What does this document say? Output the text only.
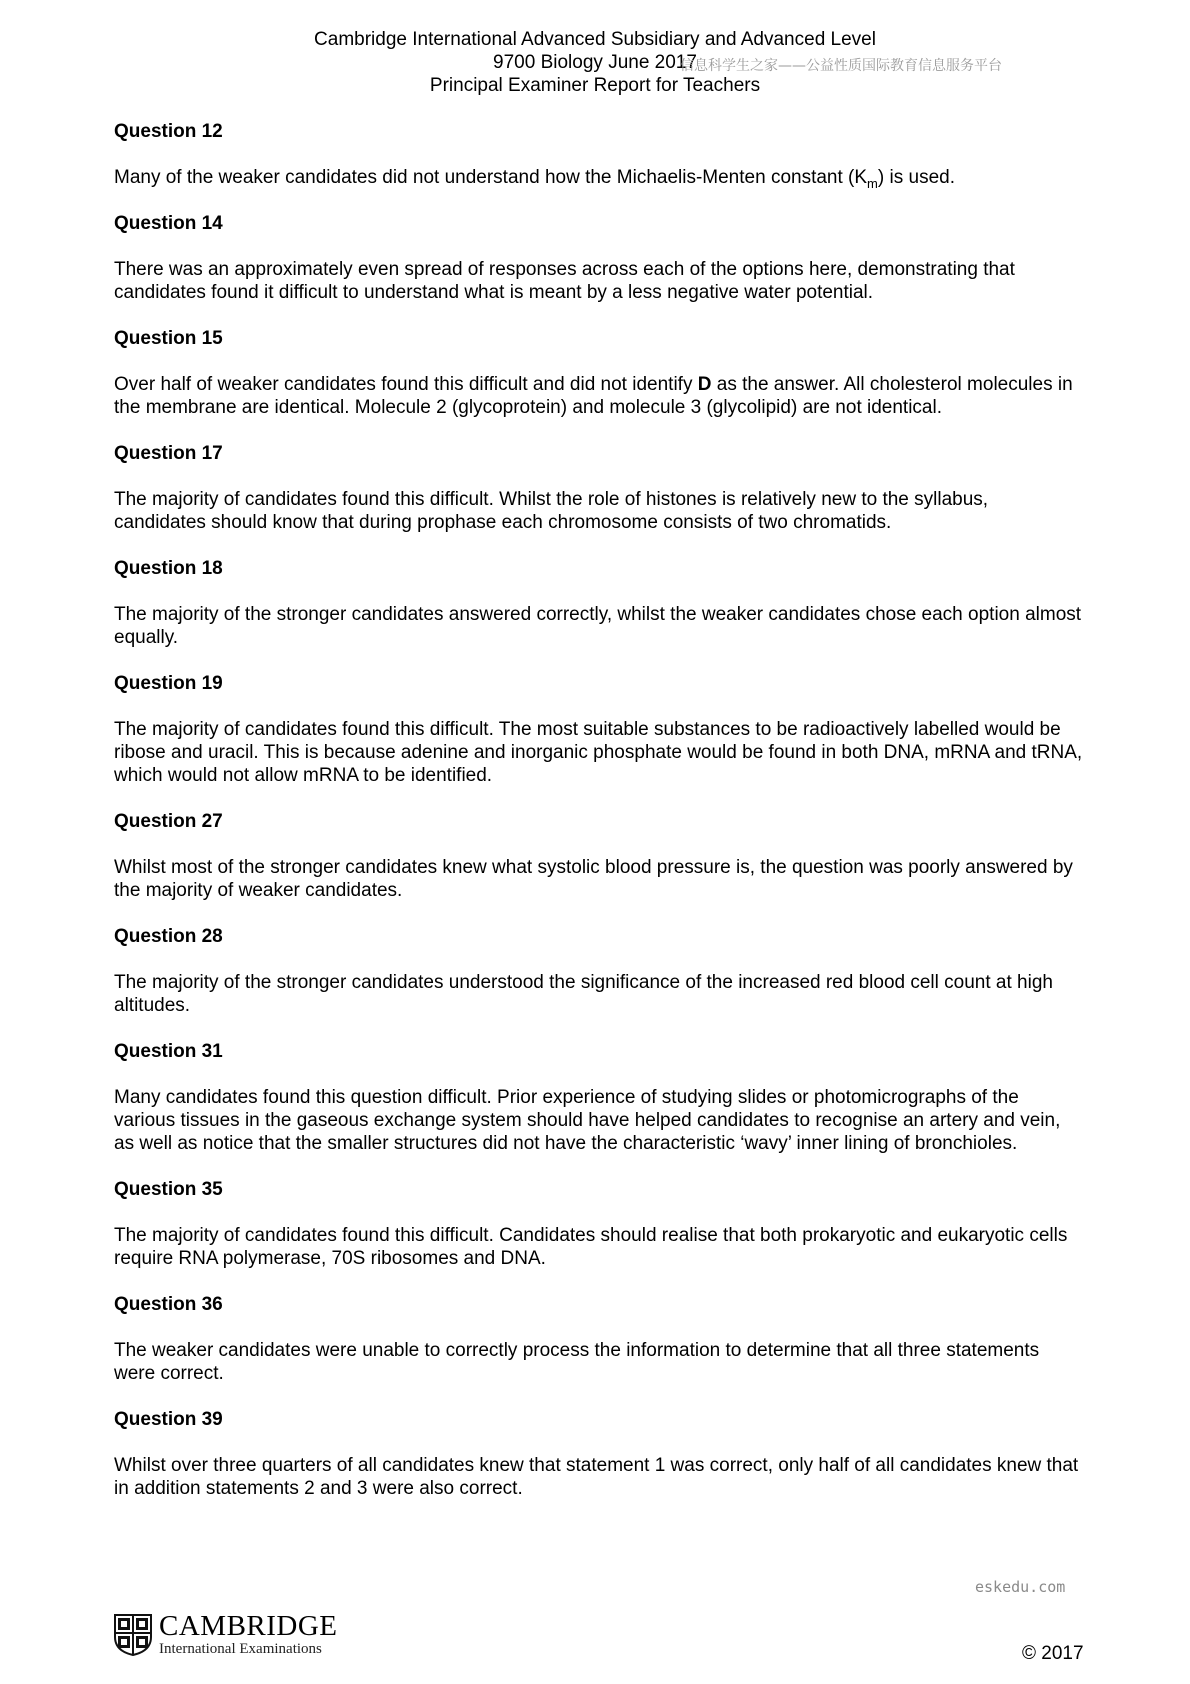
Cambridge International Advanced Subsidiary and Advanced Level
9700 Biology June 2017
Principal Examiner Report for Teachers
信息科学生之家——公益性质国际教育信息服务平台
Question 12
Many of the weaker candidates did not understand how the Michaelis-Menten constant $(K_m)$ is used.
Question 14
There was an approximately even spread of responses across each of the options here, demonstrating that candidates found it difficult to understand what is meant by a less negative water potential.
Question 15
Over half of weaker candidates found this difficult and did not identify D as the answer. All cholesterol molecules in the membrane are identical. Molecule 2 (glycoprotein) and molecule 3 (glycolipid) are not identical.
Question 17
The majority of candidates found this difficult. Whilst the role of histones is relatively new to the syllabus, candidates should know that during prophase each chromosome consists of two chromatids.
Question 18
The majority of the stronger candidates answered correctly, whilst the weaker candidates chose each option almost equally.
Question 19
The majority of candidates found this difficult. The most suitable substances to be radioactively labelled would be ribose and uracil. This is because adenine and inorganic phosphate would be found in both DNA, mRNA and tRNA, which would not allow mRNA to be identified.
Question 27
Whilst most of the stronger candidates knew what systolic blood pressure is, the question was poorly answered by the majority of weaker candidates.
Question 28
The majority of the stronger candidates understood the significance of the increased red blood cell count at high altitudes.
Question 31
Many candidates found this question difficult. Prior experience of studying slides or photomicrographs of the various tissues in the gaseous exchange system should have helped candidates to recognise an artery and vein, as well as notice that the smaller structures did not have the characteristic ‘wavy’ inner lining of bronchioles.
Question 35
The majority of candidates found this difficult. Candidates should realise that both prokaryotic and eukaryotic cells require RNA polymerase, 70S ribosomes and DNA.
Question 36
The weaker candidates were unable to correctly process the information to determine that all three statements were correct.
Question 39
Whilst over three quarters of all candidates knew that statement 1 was correct, only half of all candidates knew that in addition statements 2 and 3 were also correct.
eskedu.com
CAMBRIDGE
International Examinations	© 2017
